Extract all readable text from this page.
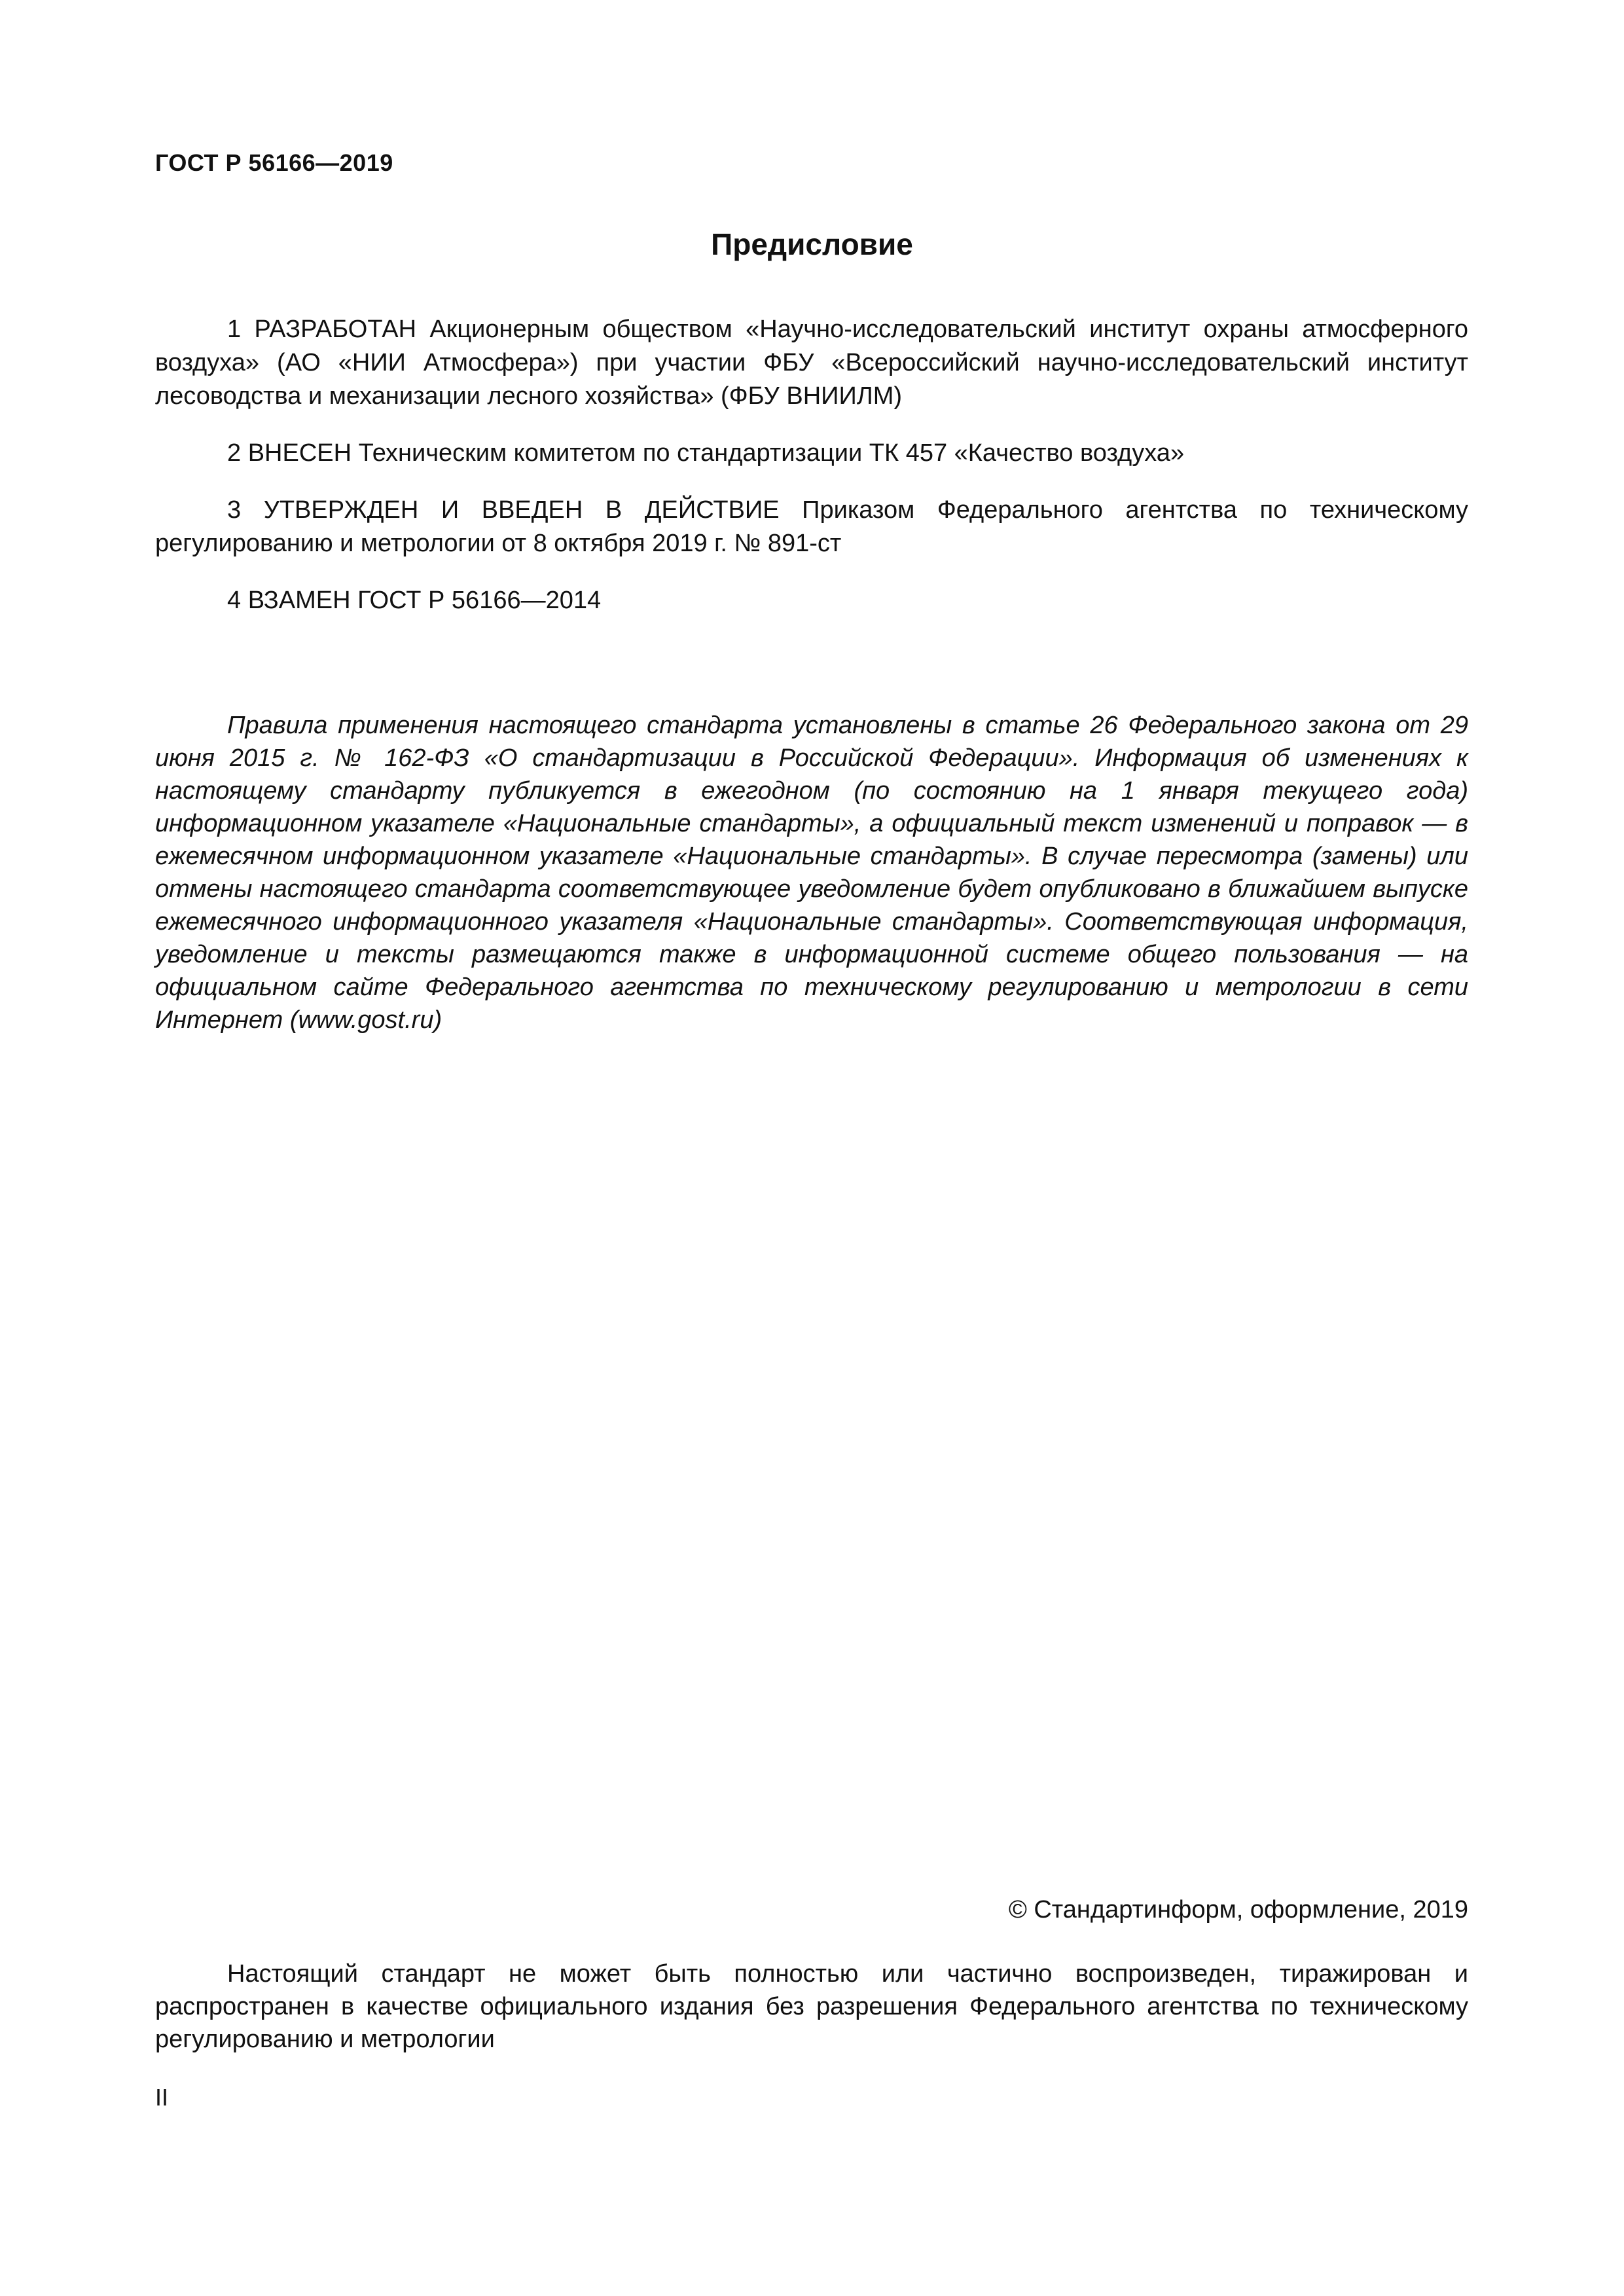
ГОСТ Р 56166—2019
Предисловие

1 РАЗРАБОТАН Акционерным обществом «Научно-исследовательский институт охраны атмосферного воздуха» (АО «НИИ Атмосфера») при участии ФБУ «Всероссийский научно-исследовательский институт лесоводства и механизации лесного хозяйства» (ФБУ ВНИИЛМ)

2 ВНЕСЕН Техническим комитетом по стандартизации ТК 457 «Качество воздуха»

3 УТВЕРЖДЕН И ВВЕДЕН В ДЕЙСТВИЕ Приказом Федерального агентства по техническому регулированию и метрологии от 8 октября 2019 г. № 891-ст

4 ВЗАМЕН ГОСТ Р 56166—2014

Правила применения настоящего стандарта установлены в статье 26 Федерального закона от 29 июня 2015 г. № 162-ФЗ «О стандартизации в Российской Федерации». Информация об изменениях к настоящему стандарту публикуется в ежегодном (по состоянию на 1 января текущего года) информационном указателе «Национальные стандарты», а официальный текст изменений и поправок — в ежемесячном информационном указателе «Национальные стандарты». В случае пересмотра (замены) или отмены настоящего стандарта соответствующее уведомление будет опубликовано в ближайшем выпуске ежемесячного информационного указателя «Национальные стандарты». Соответствующая информация, уведомление и тексты размещаются также в информационной системе общего пользования — на официальном сайте Федерального агентства по техническому регулированию и метрологии в сети Интернет (www.gost.ru)

© Стандартинформ, оформление, 2019

Настоящий стандарт не может быть полностью или частично воспроизведен, тиражирован и распространен в качестве официального издания без разрешения Федерального агентства по техническому регулированию и метрологии

II
